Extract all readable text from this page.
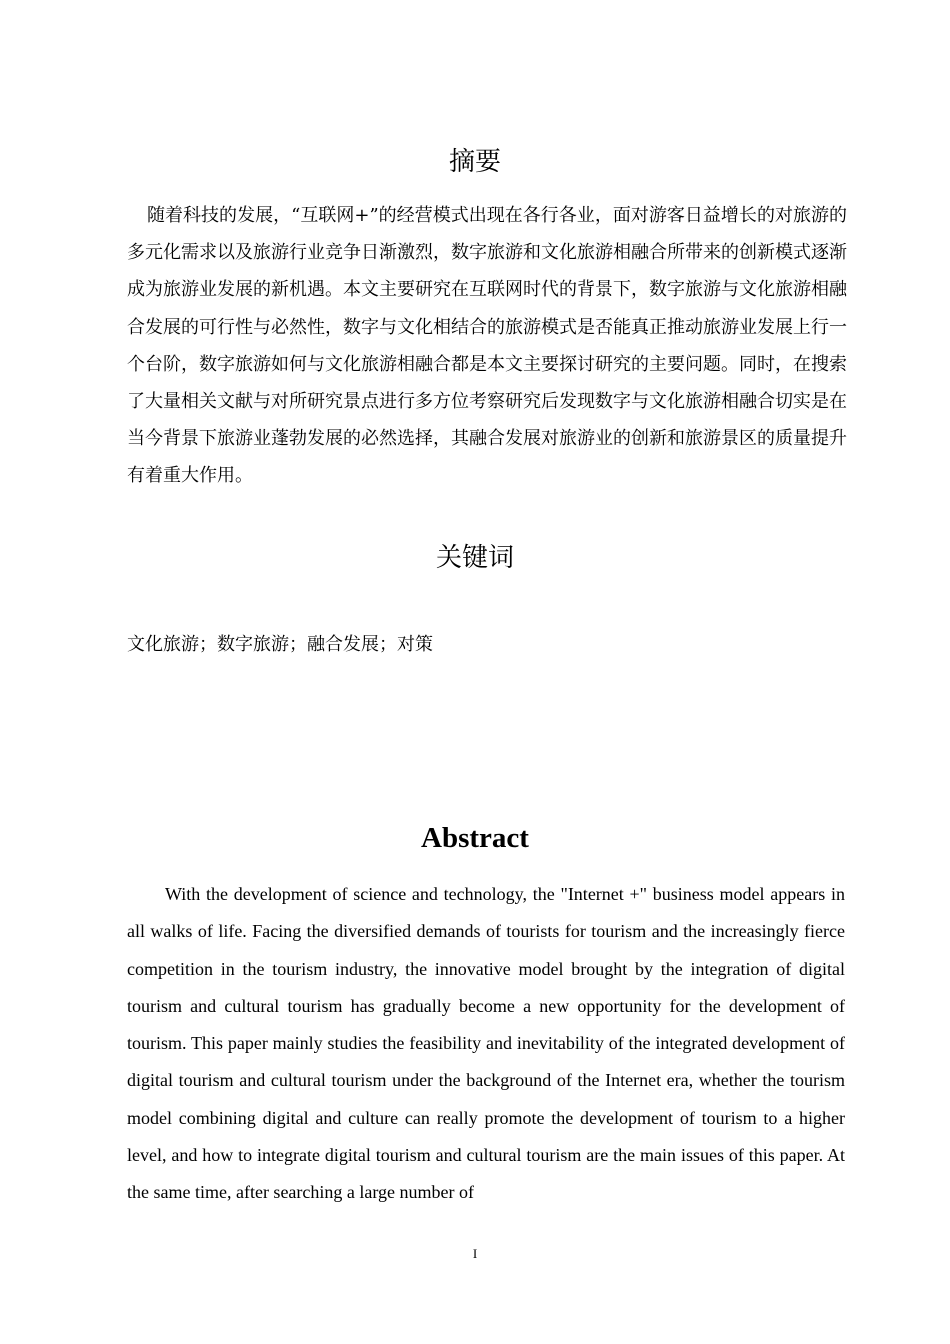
摘要

随着科技的发展，“互联网+”的经营模式出现在各行各业，面对游客日益增长的对旅游的多元化需求以及旅游行业竞争日渐激烈，数字旅游和文化旅游相融合所带来的创新模式逐渐成为旅游业发展的新机遇。本文主要研究在互联网时代的背景下，数字旅游与文化旅游相融合发展的可行性与必然性，数字与文化相结合的旅游模式是否能真正推动旅游业发展上行一个台阶，数字旅游如何与文化旅游相融合都是本文主要探讨研究的主要问题。同时，在搜索了大量相关文献与对所研究景点进行多方位考察研究后发现数字与文化旅游相融合切实是在当今背景下旅游业蓬勃发展的必然选择，其融合发展对旅游业的创新和旅游景区的质量提升有着重大作用。

关键词

文化旅游；数字旅游；融合发展；对策

Abstract

With the development of science and technology, the "Internet +" business model appears in all walks of life. Facing the diversified demands of tourists for tourism and the increasingly fierce competition in the tourism industry, the innovative model brought by the integration of digital tourism and cultural tourism has gradually become a new opportunity for the development of tourism. This paper mainly studies the feasibility and inevitability of the integrated development of digital tourism and cultural tourism under the background of the Internet era, whether the tourism model combining digital and culture can really promote the development of tourism to a higher level, and how to integrate digital tourism and cultural tourism are the main issues of this paper. At the same time, after searching a large number of

I
